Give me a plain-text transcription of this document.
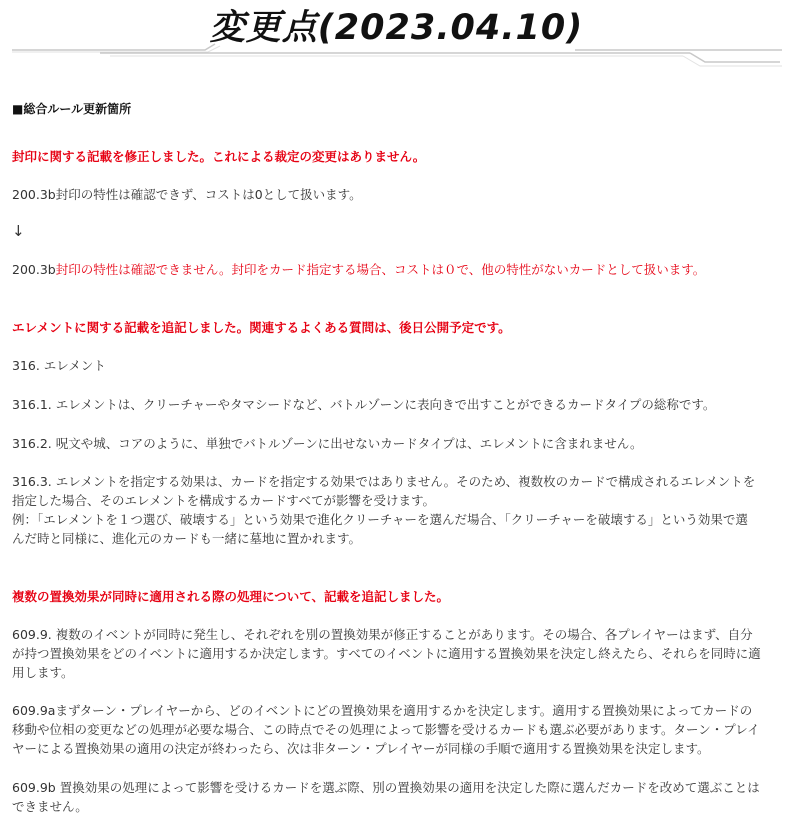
変更点(2023.04.10)
■総合ルール更新箇所
封印に関する記載を修正しました。これによる裁定の変更はありません。
200.3b封印の特性は確認できず、コストは0として扱います。
↓
200.3b封印の特性は確認できません。封印をカード指定する場合、コストは０で、他の特性がないカードとして扱います。
エレメントに関する記載を追記しました。関連するよくある質問は、後日公開予定です。
316. エレメント
316.1. エレメントは、クリーチャーやタマシードなど、バトルゾーンに表向きで出すことができるカードタイプの総称です。
316.2. 呪文や城、コアのように、単独でバトルゾーンに出せないカードタイプは、エレメントに含まれません。
316.3. エレメントを指定する効果は、カードを指定する効果ではありません。そのため、複数枚のカードで構成されるエレメントを
指定した場合、そのエレメントを構成するカードすべてが影響を受けます。
例：「エレメントを１つ選び、破壊する」という効果で進化クリーチャーを選んだ場合、「クリーチャーを破壊する」という効果で選
んだ時と同様に、進化元のカードも一緒に墓地に置かれます。
複数の置換効果が同時に適用される際の処理について、記載を追記しました。
609.9. 複数のイベントが同時に発生し、それぞれを別の置換効果が修正することがあります。その場合、各プレイヤーはまず、自分
が持つ置換効果をどのイベントに適用するか決定します。すべてのイベントに適用する置換効果を決定し終えたら、それらを同時に適
用します。
609.9aまずターン・プレイヤーから、どのイベントにどの置換効果を適用するかを決定します。適用する置換効果によってカードの
移動や位相の変更などの処理が必要な場合、この時点でその処理によって影響を受けるカードも選ぶ必要があります。ターン・プレイ
ヤーによる置換効果の適用の決定が終わったら、次は非ターン・プレイヤーが同様の手順で適用する置換効果を決定します。
609.9b 置換効果の処理によって影響を受けるカードを選ぶ際、別の置換効果の適用を決定した際に選んだカードを改めて選ぶことは
できません。
